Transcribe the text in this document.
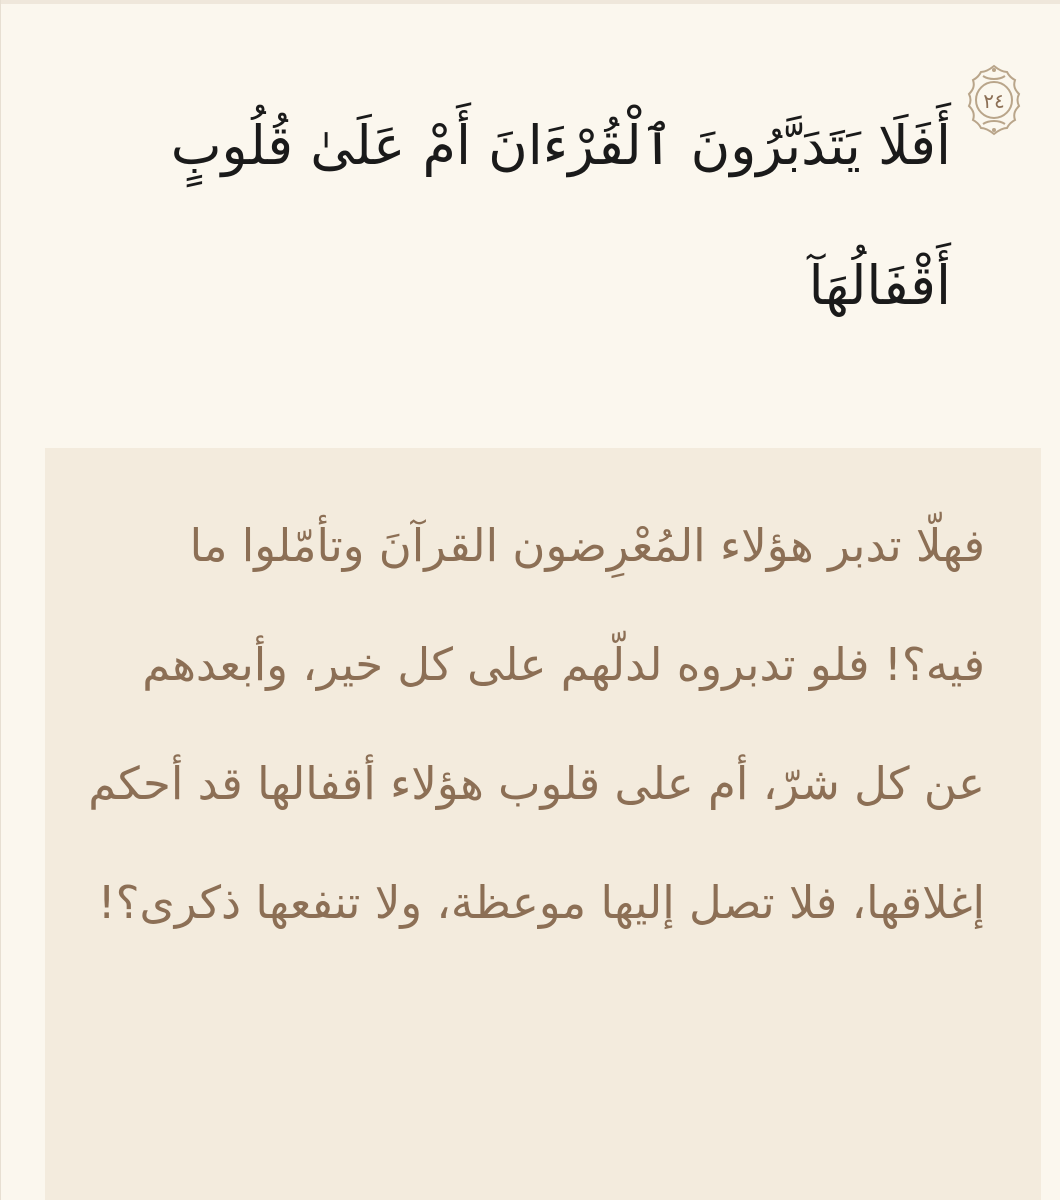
٢٤

أَفَلَا يَتَدَبَّرُونَ ٱلْقُرْءَانَ أَمْ عَلَىٰ قُلُوبٍ أَقْفَالُهَآ

فهلّا تدبر هؤلاء المُعْرِضون القرآنَ وتأمّلوا ما فيه؟! فلو تدبروه لدلّهم على كل خير، وأبعدهم عن كل شرّ، أم على قلوب هؤلاء أقفالها قد أحكم إغلاقها، فلا تصل إليها موعظة، ولا تنفعها ذكرى؟!
